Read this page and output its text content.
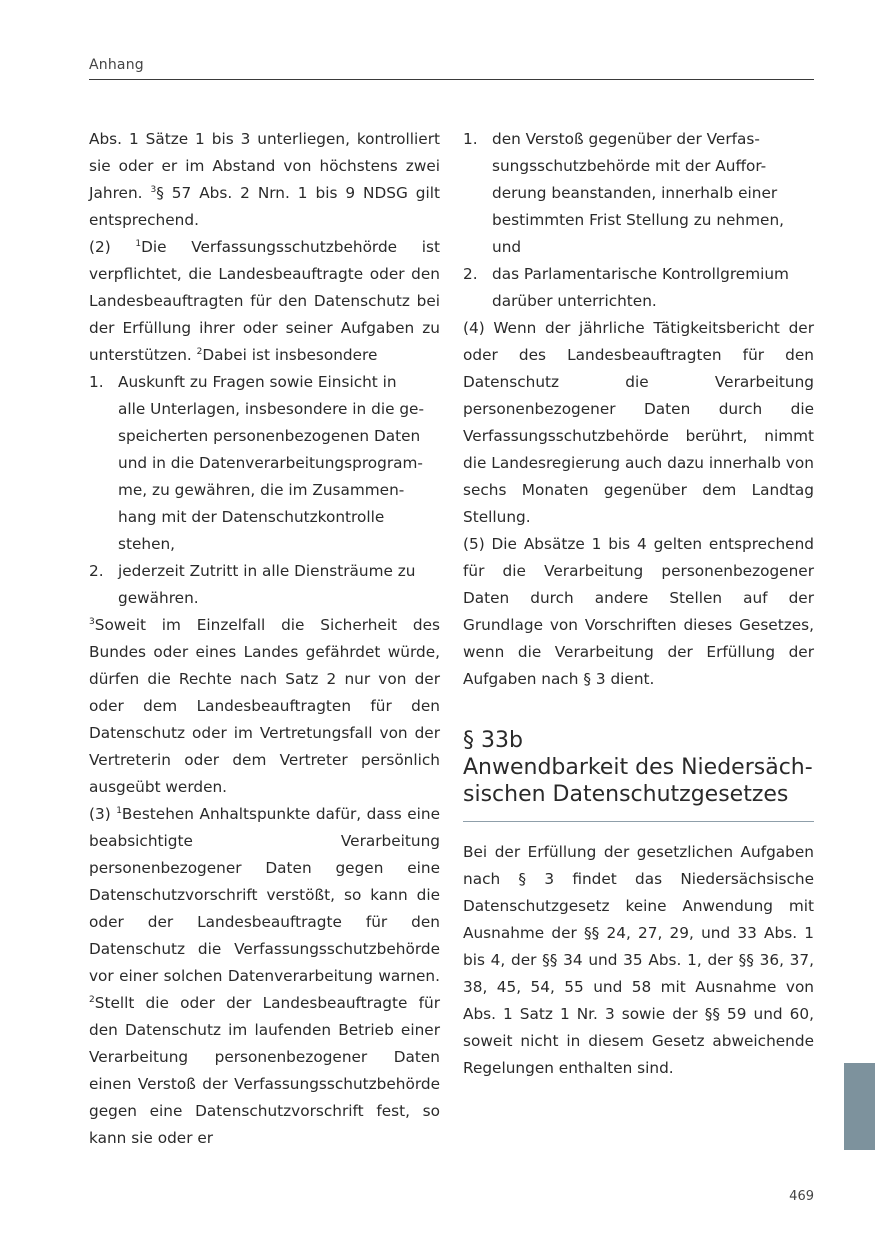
Anhang

Abs. 1 Sätze 1 bis 3 unterliegen, kontrolliert sie oder er im Abstand von höchstens zwei Jahren. $^3$§ 57 Abs. 2 Nrn. 1 bis 9 NDSG gilt entsprechend.

(2)	$^1$Die Verfassungsschutzbehörde ist verpflichtet, die Landesbeauftragte oder den Landesbeauftragten für den Datenschutz bei der Erfüllung ihrer oder seiner Aufgaben zu unterstützen. $^2$Dabei ist insbesondere

1. Auskunft zu Fragen sowie Einsicht in
alle Unterlagen, insbesondere in die ge-
speicherten personenbezogenen Daten
und in die Datenverarbeitungsprogram-
me, zu gewähren, die im Zusammen-
hang mit der Datenschutzkontrolle
stehen,
2. jederzeit Zutritt in alle Diensträume zu
gewähren.

$^3$Soweit im Einzelfall die Sicherheit des Bundes oder eines Landes gefährdet würde, dürfen die Rechte nach Satz 2 nur von der oder dem Landesbeauftragten für den Datenschutz oder im Vertretungsfall von der Vertreterin oder dem Vertreter persönlich ausgeübt werden.

(3) $^1$Bestehen Anhaltspunkte dafür, dass eine beabsichtigte Verarbeitung personenbezogener Daten gegen eine Datenschutzvorschrift verstößt, so kann die oder der Landesbeauftragte für den Datenschutz die Verfassungsschutzbehörde vor einer solchen Datenverarbeitung warnen. $^2$Stellt die oder der Landesbeauftragte für den Datenschutz im laufenden Betrieb einer Verarbeitung personenbezogener Daten einen Verstoß der Verfassungsschutzbehörde gegen eine Datenschutzvorschrift fest, so kann sie oder er

1. den Verstoß gegenüber der Verfas-
sungsschutzbehörde mit der Auffor-
derung beanstanden, innerhalb einer
bestimmten Frist Stellung zu nehmen,
und
2. das Parlamentarische Kontrollgremium
darüber unterrichten.

(4) Wenn der jährliche Tätigkeitsbericht der oder des Landesbeauftragten für den Datenschutz die Verarbeitung personenbezogener Daten durch die Verfassungsschutzbehörde berührt, nimmt die Landesregierung auch dazu innerhalb von sechs Monaten gegenüber dem Landtag Stellung.

(5) Die Absätze 1 bis 4 gelten entsprechend für die Verarbeitung personenbezogener Daten durch andere Stellen auf der Grundlage von Vorschriften dieses Gesetzes, wenn die Verarbeitung der Erfüllung der Aufgaben nach § 3 dient.

§ 33b
Anwendbarkeit des Niedersäch-
sischen Datenschutzgesetzes

Bei der Erfüllung der gesetzlichen Aufgaben nach § 3 findet das Niedersächsische Datenschutzgesetz keine Anwendung mit Ausnahme der §§ 24, 27, 29, und 33 Abs. 1 bis 4, der §§ 34 und 35 Abs. 1, der §§ 36, 37, 38, 45, 54, 55 und 58 mit Ausnahme von Abs. 1 Satz 1 Nr. 3 sowie der §§ 59 und 60, soweit nicht in diesem Gesetz abweichende Regelungen enthalten sind.

469
